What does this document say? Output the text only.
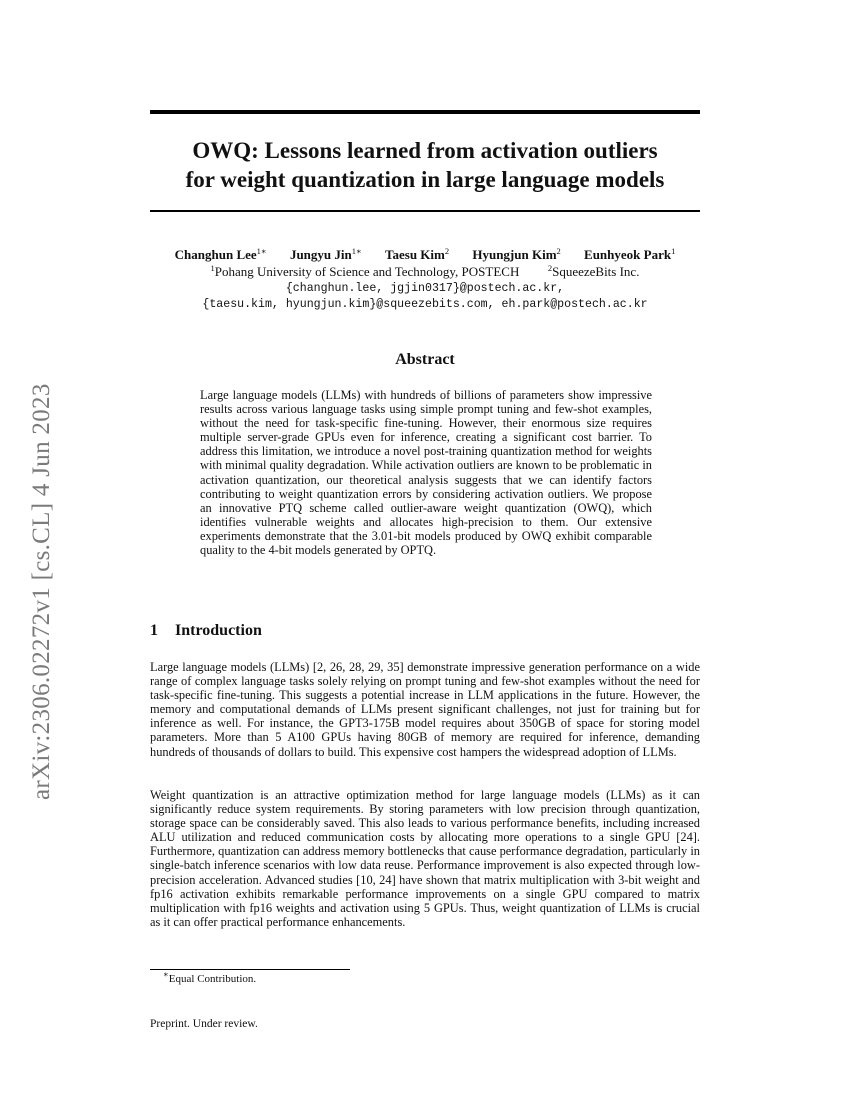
arXiv:2306.02272v1 [cs.CL] 4 Jun 2023
OWQ: Lessons learned from activation outliers
for weight quantization in large language models
Changhun Lee$^{1∗}$ Jungyu Jin$^{1∗}$ Taesu Kim$^2$ Hyungjun Kim$^2$ Eunhyeok Park$^1$
$^1$Pohang University of Science and Technology, POSTECH	$^2$SqueezeBits Inc.
{changhun.lee, jgjin0317}@postech.ac.kr,
{taesu.kim, hyungjun.kim}@squeezebits.com, eh.park@postech.ac.kr
Abstract
Large language models (LLMs) with hundreds of billions of parameters show impressive results across various language tasks using simple prompt tuning and few-shot examples, without the need for task-specific fine-tuning. However, their enormous size requires multiple server-grade GPUs even for inference, creating a significant cost barrier. To address this limitation, we introduce a novel post-training quantization method for weights with minimal quality degradation. While activation outliers are known to be problematic in activation quantization, our theoretical analysis suggests that we can identify factors contributing to weight quantization errors by considering activation outliers. We propose an innovative PTQ scheme called outlier-aware weight quantization (OWQ), which identifies vulnerable weights and allocates high-precision to them. Our extensive experiments demonstrate that the 3.01-bit models produced by OWQ exhibit comparable quality to the 4-bit models generated by OPTQ.
1 Introduction
Large language models (LLMs) [2, 26, 28, 29, 35] demonstrate impressive generation performance on a wide range of complex language tasks solely relying on prompt tuning and few-shot examples without the need for task-specific fine-tuning. This suggests a potential increase in LLM applications in the future. However, the memory and computational demands of LLMs present significant challenges, not just for training but for inference as well. For instance, the GPT3-175B model requires about 350GB of space for storing model parameters. More than 5 A100 GPUs having 80GB of memory are required for inference, demanding hundreds of thousands of dollars to build. This expensive cost hampers the widespread adoption of LLMs.
Weight quantization is an attractive optimization method for large language models (LLMs) as it can significantly reduce system requirements. By storing parameters with low precision through quantization, storage space can be considerably saved. This also leads to various performance benefits, including increased ALU utilization and reduced communication costs by allocating more operations to a single GPU [24]. Furthermore, quantization can address memory bottlenecks that cause performance degradation, particularly in single-batch inference scenarios with low data reuse. Performance improvement is also expected through low-precision acceleration. Advanced studies [10, 24] have shown that matrix multiplication with 3-bit weight and fp16 activation exhibits remarkable performance improvements on a single GPU compared to matrix multiplication with fp16 weights and activation using 5 GPUs. Thus, weight quantization of LLMs is crucial as it can offer practical performance enhancements.
∗Equal Contribution.
Preprint. Under review.
